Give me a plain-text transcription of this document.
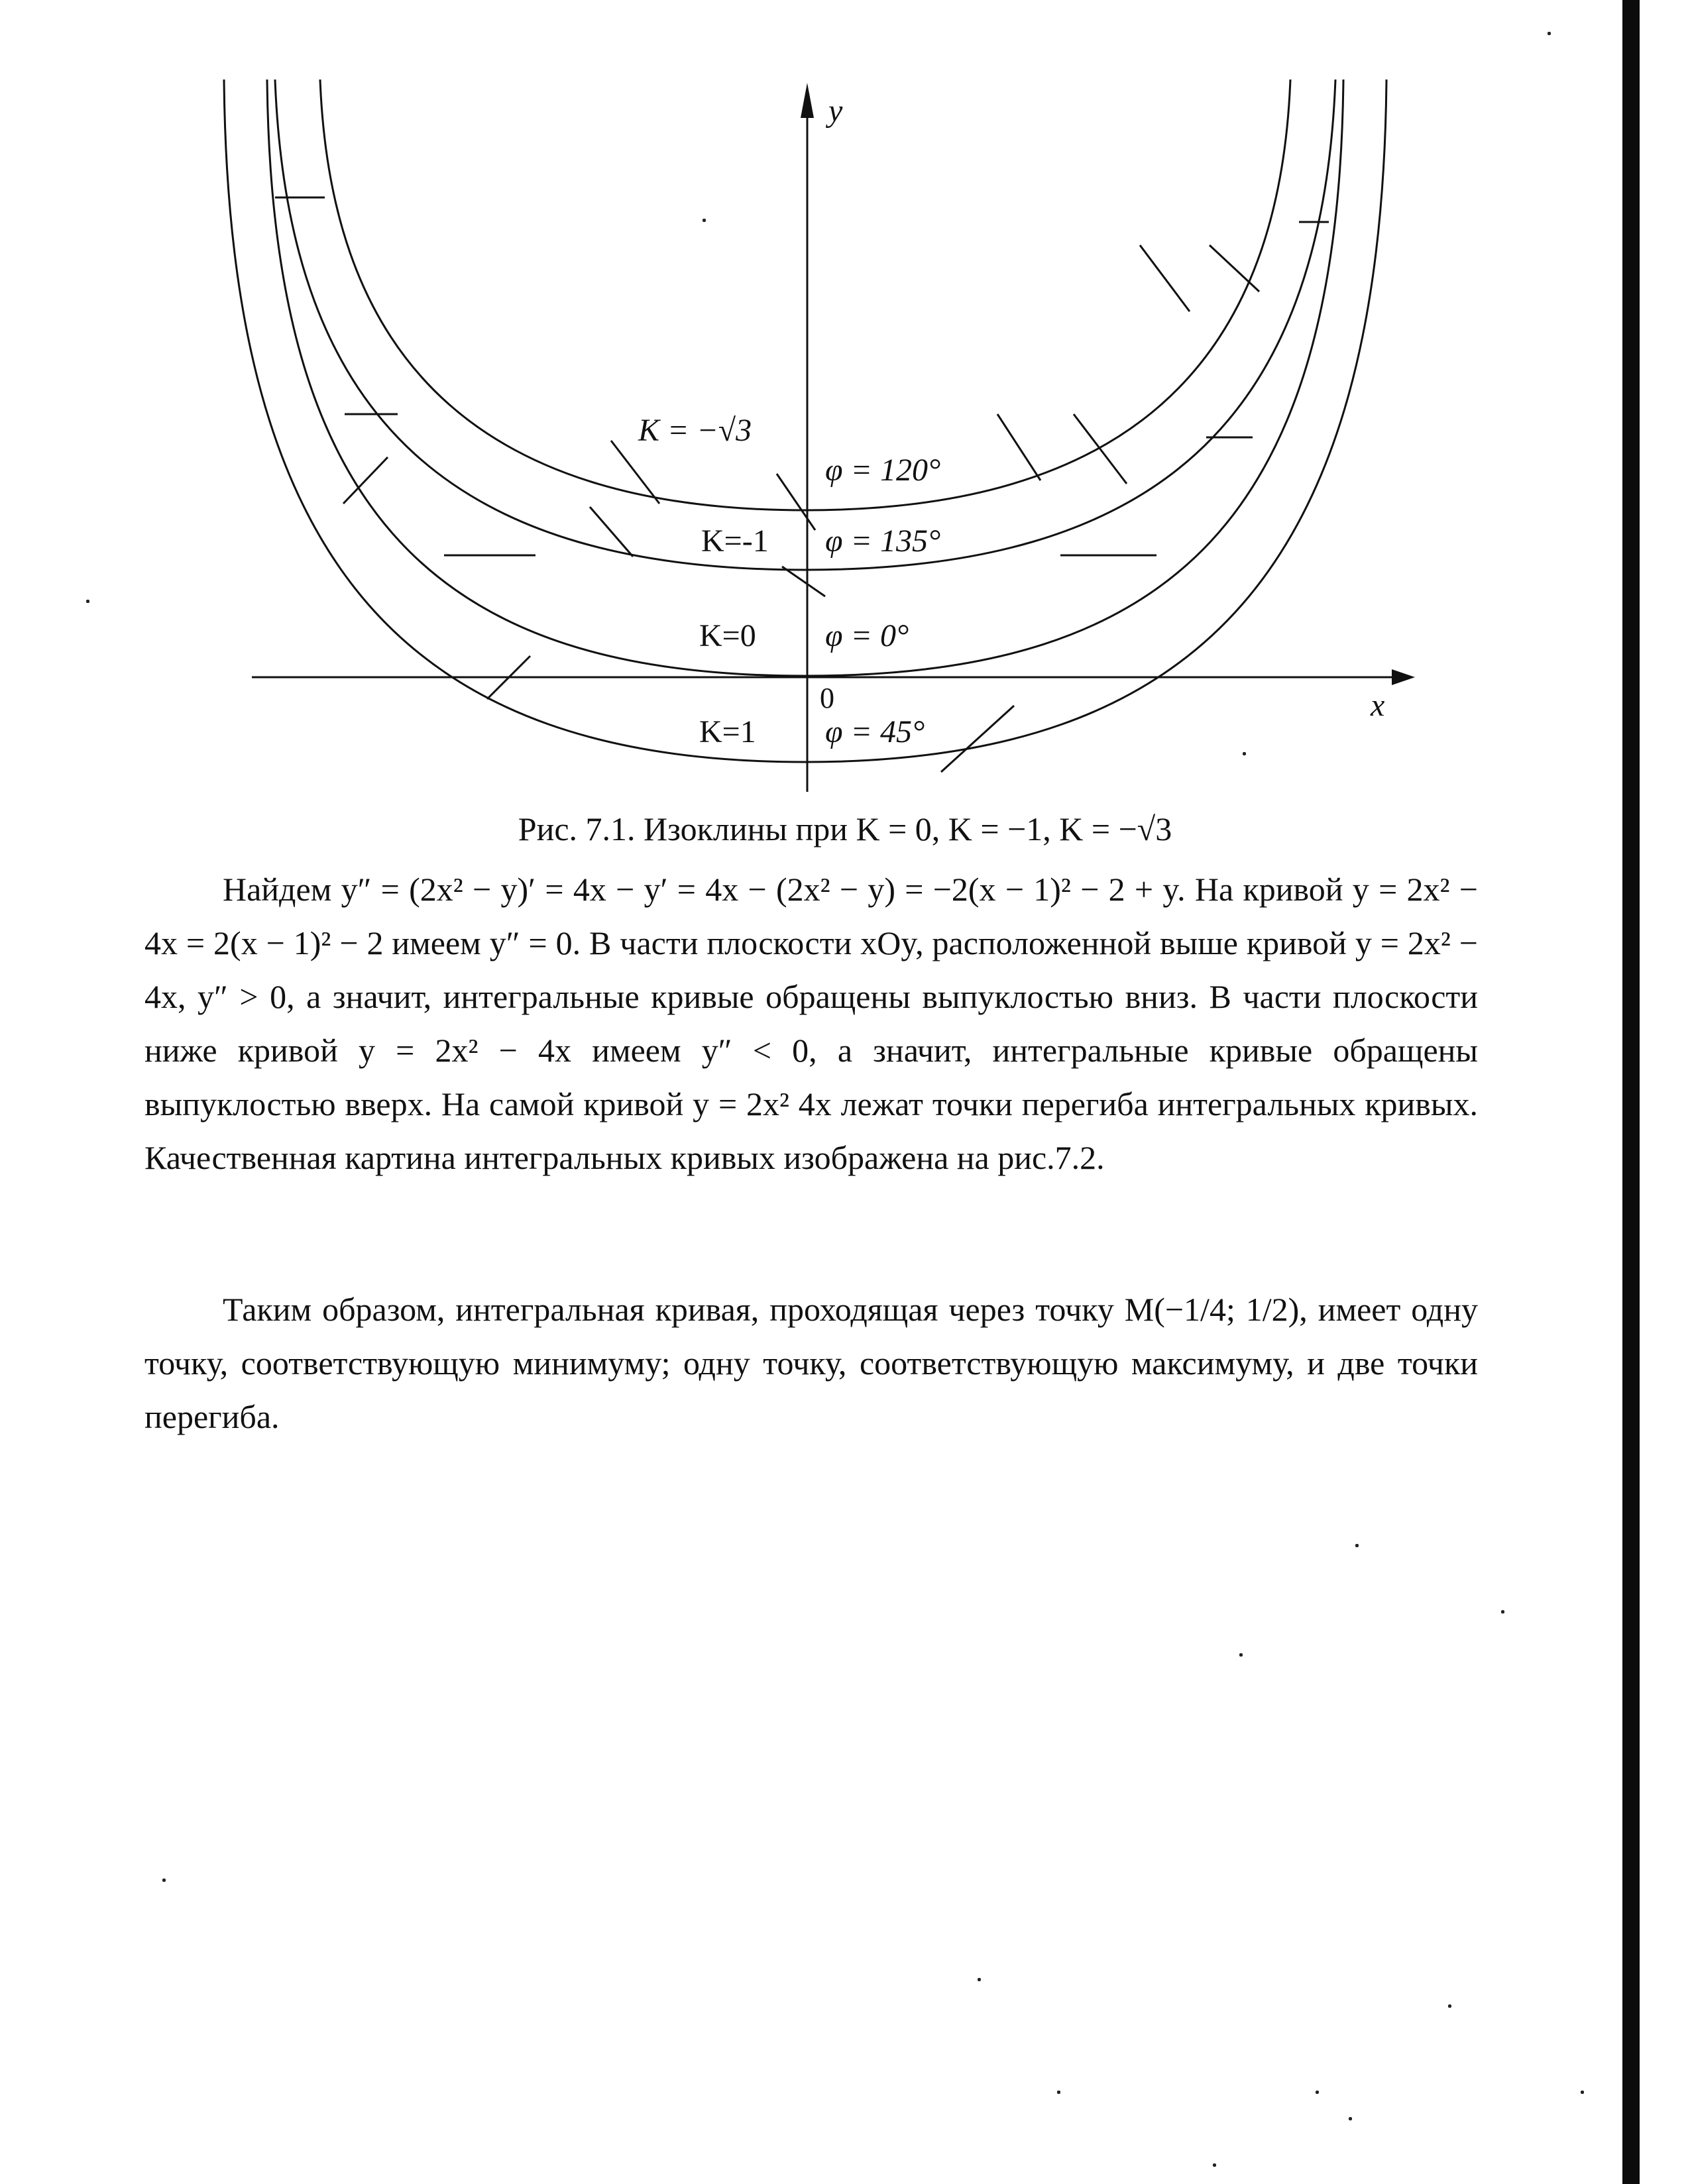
y
x
0
K = −√3
φ = 120°
K=-1 φ = 135°
K=0 φ = 0°
K=1 φ = 45°
Рис. 7.1. Изоклины при K = 0, K = −1, K = −√3

Найдем y″ = (2x² − y)′ = 4x − y′ = 4x − (2x² − y) = −2(x − 1)² − 2 + y. На кривой y = 2x² − 4x = 2(x − 1)² − 2 имеем y″ = 0. В части плоскости xOy, расположенной выше кривой y = 2x² − 4x, y″ > 0, а значит, интегральные кривые обращены выпуклостью вниз. В части плоскости ниже кривой y = 2x² − 4x имеем y″ < 0, а значит, интегральные кривые обращены выпуклостью вверх. На самой кривой y = 2x² 4x лежат точки перегиба интегральных кривых. Качественная картина интегральных кривых изображена на рис.7.2.

Таким образом, интегральная кривая, проходящая через точку M(−1/4; 1/2), имеет одну точку, соответствующую минимуму; одну точку, соответствующую максимуму, и две точки перегиба.
